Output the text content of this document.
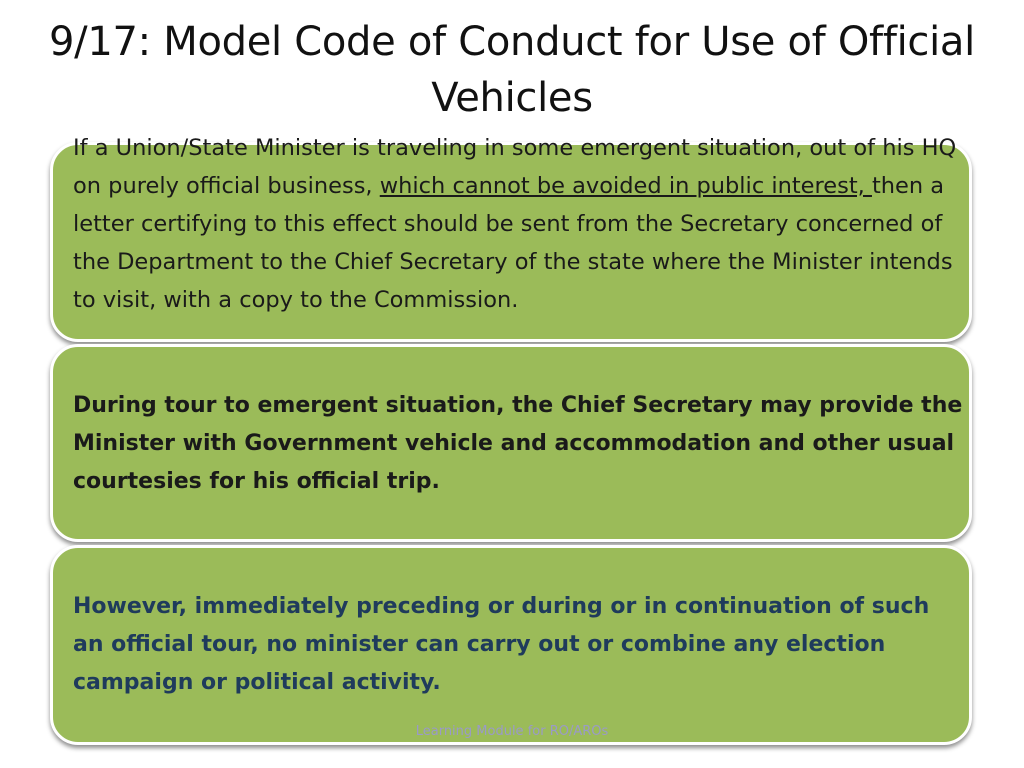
9/17: Model Code of Conduct for Use of Official Vehicles
If a Union/State Minister is traveling in some emergent situation, out of his HQ on purely official business, which cannot be avoided in public interest, then a letter certifying to this effect should be sent from the Secretary concerned of the Department to the Chief Secretary of the state where the Minister intends to visit, with a copy to the Commission.
During tour to emergent situation, the Chief Secretary may provide the Minister with Government vehicle and accommodation and other usual courtesies for his official trip.
However, immediately preceding or during or in continuation of such an official tour, no minister can carry out or combine any election campaign or political activity.
Learning Module for RO/AROs
